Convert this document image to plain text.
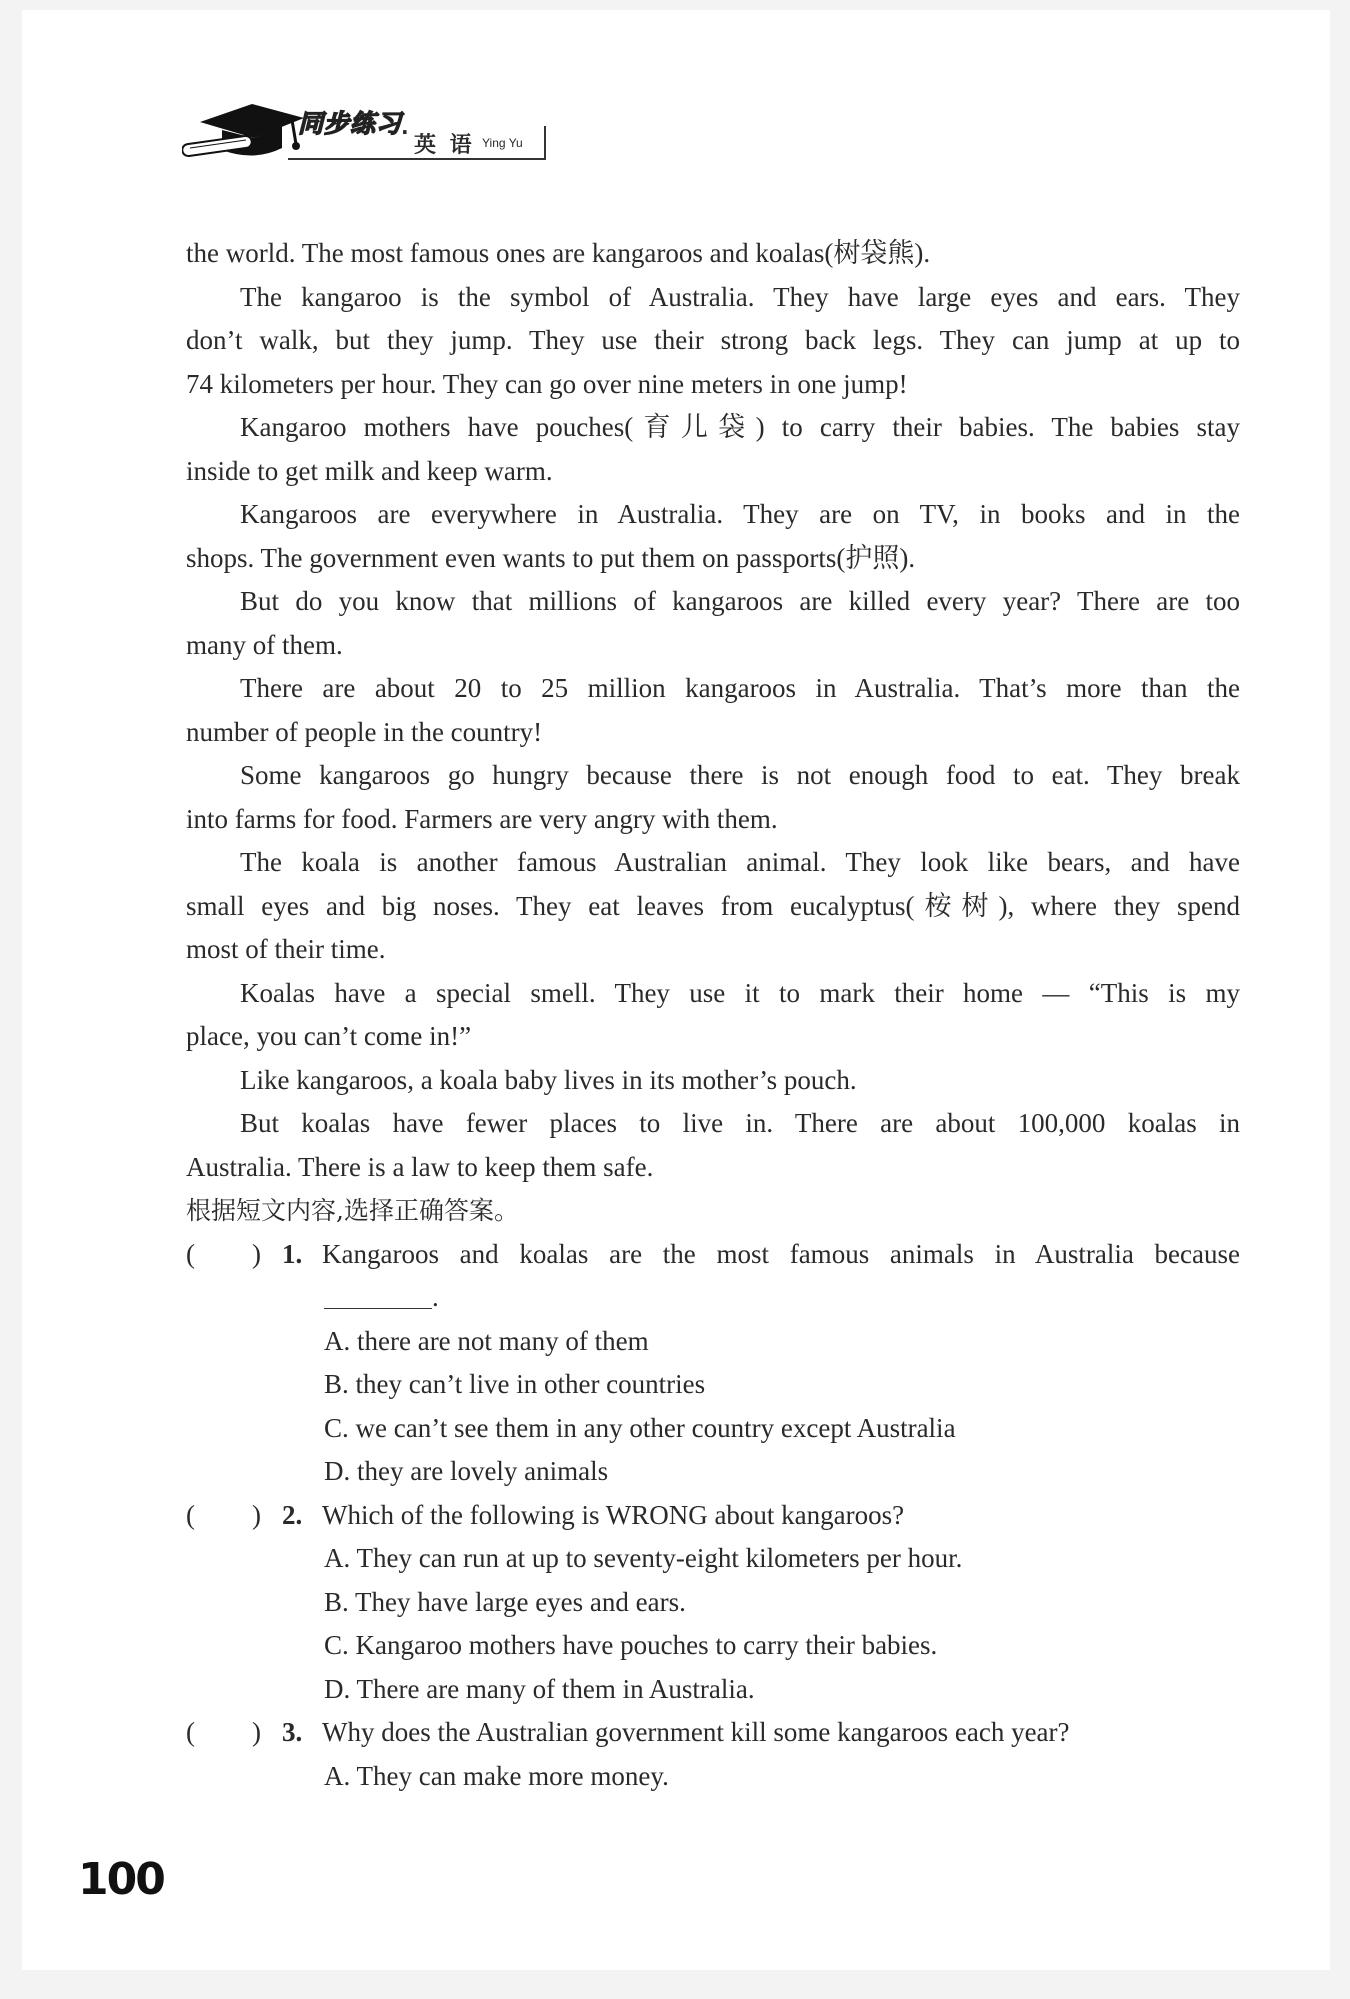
同步练习
·
英 语 Ying Yu
the world. The most famous ones are kangaroos and koalas(树袋熊).
The kangaroo is the symbol of Australia. They have large eyes and ears. They
don’t walk, but they jump. They use their strong back legs. They can jump at up to
74 kilometers per hour. They can go over nine meters in one jump!
Kangaroo mothers have pouches(育儿袋) to carry their babies. The babies stay
inside to get milk and keep warm.
Kangaroos are everywhere in Australia. They are on TV, in books and in the
shops. The government even wants to put them on passports(护照).
But do you know that millions of kangaroos are killed every year? There are too
many of them.
There are about 20 to 25 million kangaroos in Australia. That’s more than the
number of people in the country!
Some kangaroos go hungry because there is not enough food to eat. They break
into farms for food. Farmers are very angry with them.
The koala is another famous Australian animal. They look like bears, and have
small eyes and big noses. They eat leaves from eucalyptus(桉树), where they spend
most of their time.
Koalas have a special smell. They use it to mark their home — “This is my
place, you can’t come in!”
Like kangaroos, a koala baby lives in its mother’s pouch.
But koalas have fewer places to live in. There are about 100,000 koalas in
Australia. There is a law to keep them safe.
根据短文内容,选择正确答案。
( ) 1. Kangaroos and koalas are the most famous animals in Australia because
.
A. there are not many of them
B. they can’t live in other countries
C. we can’t see them in any other country except Australia
D. they are lovely animals
( ) 2. Which of the following is WRONG about kangaroos?
A. They can run at up to seventy-eight kilometers per hour.
B. They have large eyes and ears.
C. Kangaroo mothers have pouches to carry their babies.
D. There are many of them in Australia.
( ) 3. Why does the Australian government kill some kangaroos each year?
A. They can make more money.
100
